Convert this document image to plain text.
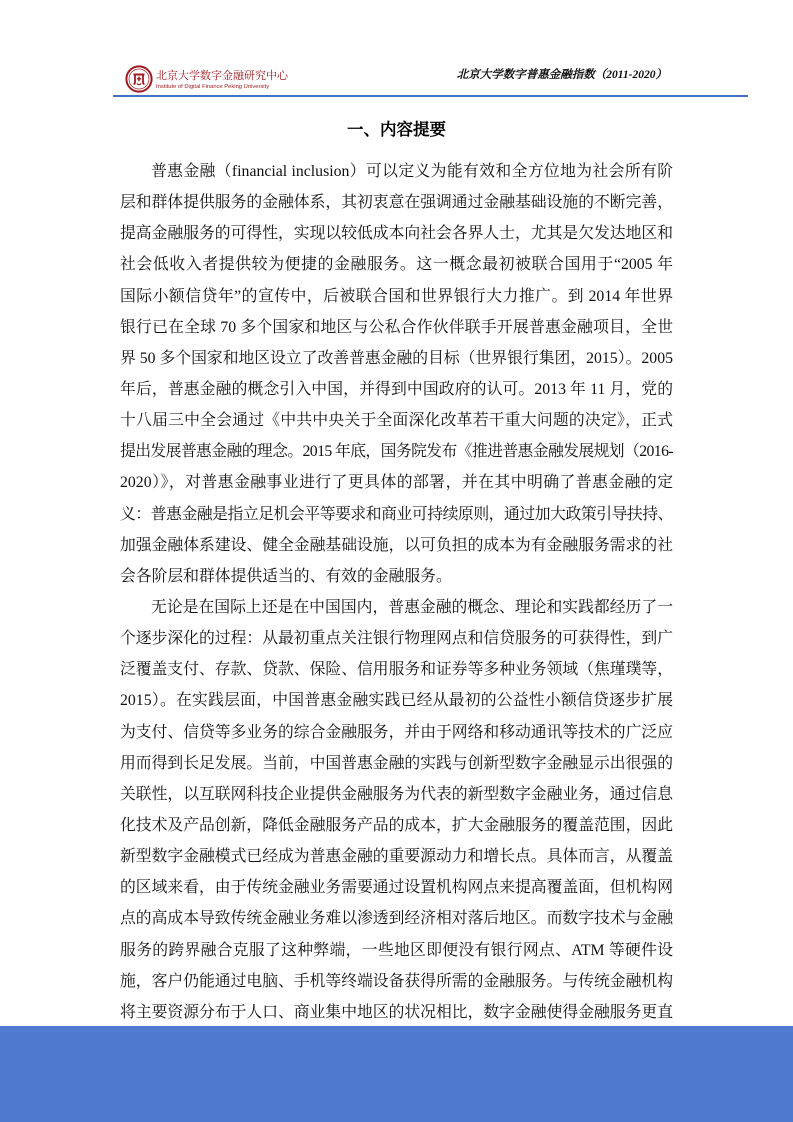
北京大学数字金融研究中心
Institute of Digital Finance Peking University
北京大学数字普惠金融指数（2011-2020）
一、内容提要
普惠金融（financial inclusion）可以定义为能有效和全方位地为社会所有阶
层和群体提供服务的金融体系，其初衷意在强调通过金融基础设施的不断完善，
提高金融服务的可得性，实现以较低成本向社会各界人士，尤其是欠发达地区和
社会低收入者提供较为便捷的金融服务。这一概念最初被联合国用于“2005 年
国际小额信贷年”的宣传中，后被联合国和世界银行大力推广。到 2014 年世界
银行已在全球 70 多个国家和地区与公私合作伙伴联手开展普惠金融项目，全世
界 50 多个国家和地区设立了改善普惠金融的目标（世界银行集团，2015）。2005
年后，普惠金融的概念引入中国，并得到中国政府的认可。2013 年 11 月，党的
十八届三中全会通过《中共中央关于全面深化改革若干重大问题的决定》，正式
提出发展普惠金融的理念。2015 年底，国务院发布《推进普惠金融发展规划（2016-
2020）》，对普惠金融事业进行了更具体的部署，并在其中明确了普惠金融的定
义：普惠金融是指立足机会平等要求和商业可持续原则，通过加大政策引导扶持、
加强金融体系建设、健全金融基础设施，以可负担的成本为有金融服务需求的社
会各阶层和群体提供适当的、有效的金融服务。
无论是在国际上还是在中国国内，普惠金融的概念、理论和实践都经历了一
个逐步深化的过程：从最初重点关注银行物理网点和信贷服务的可获得性，到广
泛覆盖支付、存款、贷款、保险、信用服务和证券等多种业务领域（焦瑾璞等，
2015）。在实践层面，中国普惠金融实践已经从最初的公益性小额信贷逐步扩展
为支付、信贷等多业务的综合金融服务，并由于网络和移动通讯等技术的广泛应
用而得到长足发展。当前，中国普惠金融的实践与创新型数字金融显示出很强的
关联性，以互联网科技企业提供金融服务为代表的新型数字金融业务，通过信息
化技术及产品创新，降低金融服务产品的成本，扩大金融服务的覆盖范围，因此
新型数字金融模式已经成为普惠金融的重要源动力和增长点。具体而言，从覆盖
的区域来看，由于传统金融业务需要通过设置机构网点来提高覆盖面，但机构网
点的高成本导致传统金融业务难以渗透到经济相对落后地区。而数字技术与金融
服务的跨界融合克服了这种弊端，一些地区即便没有银行网点、ATM 等硬件设
施，客户仍能通过电脑、手机等终端设备获得所需的金融服务。与传统金融机构
将主要资源分布于人口、商业集中地区的状况相比，数字金融使得金融服务更直
